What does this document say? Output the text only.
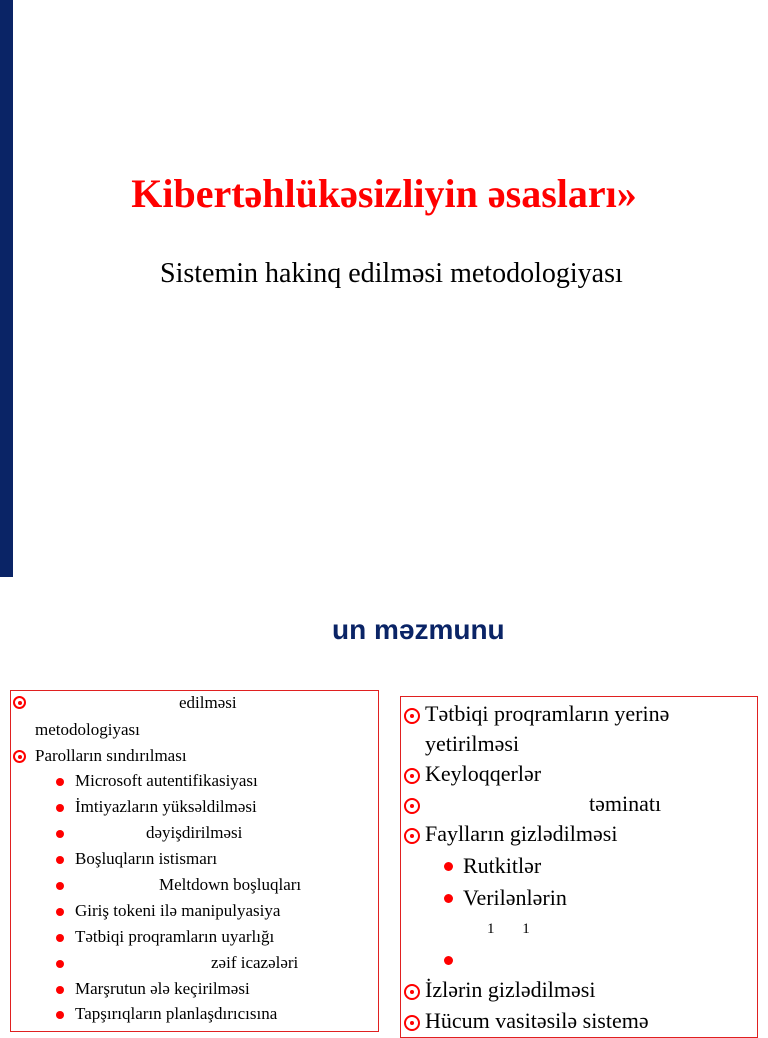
Kibertəhlükəsizliyin əsasları»
Sistemin hakinq edilməsi metodologiyası
un məzmunu
edilməsi
metodologiyası
Parolların sındırılması
Microsoft autentifikasiyası
İmtiyazların yüksəldilməsi
dəyişdirilməsi
Boşluqların istismarı
Meltdown boşluqları
Giriş tokeni ilə manipulyasiya
Tətbiqi proqramların uyarlığı
zəif icazələri
Marşrutun ələ keçirilməsi
Tapşırıqların planlaşdırıcısına
Tətbiqi proqramların yerinə
yetirilməsi
Keyloqqerlər
təminatı
Faylların gizlədilməsi
Rutkitlər
Verilənlərin
1 1
İzlərin gizlədilməsi
Hücum vasitəsilə sistemə
